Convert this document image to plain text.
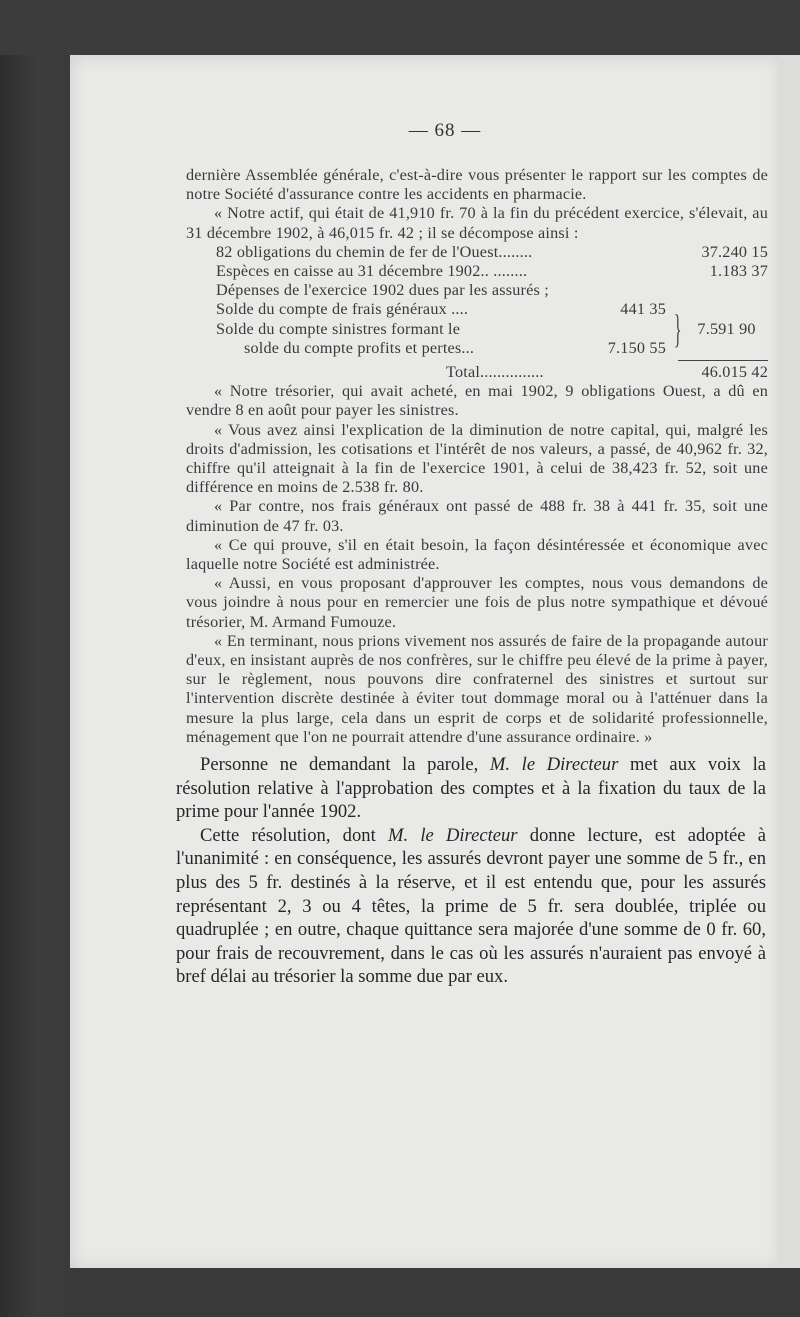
— 68 —

dernière Assemblée générale, c'est-à-dire vous présenter le rapport sur les comptes de notre Société d'assurance contre les accidents en pharmacie.

« Notre actif, qui était de 41,910 fr. 70 à la fin du précédent exercice, s'élevait, au 31 décembre 1902, à 46,015 fr. 42 ; il se décompose ainsi :

82 obligations du chemin de fer de l'Ouest........	37.240 15
Espèces en caisse au 31 décembre 1902.. ........	1.183 37
Dépenses de l'exercice 1902 dues par les assurés ;
Solde du compte de frais généraux ....	441 35
Solde du compte sinistres formant le
solde du compte profits et pertes...	7.150 55 } 7.591 90
Total...............	46.015 42

« Notre trésorier, qui avait acheté, en mai 1902, 9 obligations Ouest, a dû en vendre 8 en août pour payer les sinistres.

« Vous avez ainsi l'explication de la diminution de notre capital, qui, malgré les droits d'admission, les cotisations et l'intérêt de nos valeurs, a passé, de 40,962 fr. 32, chiffre qu'il atteignait à la fin de l'exercice 1901, à celui de 38,423 fr. 52, soit une différence en moins de 2.538 fr. 80.

« Par contre, nos frais généraux ont passé de 488 fr. 38 à 441 fr. 35, soit une diminution de 47 fr. 03.

« Ce qui prouve, s'il en était besoin, la façon désintéressée et économique avec laquelle notre Société est administrée.

« Aussi, en vous proposant d'approuver les comptes, nous vous demandons de vous joindre à nous pour en remercier une fois de plus notre sympathique et dévoué trésorier, M. Armand Fumouze.

« En terminant, nous prions vivement nos assurés de faire de la propagande autour d'eux, en insistant auprès de nos confrères, sur le chiffre peu élevé de la prime à payer, sur le règlement, nous pouvons dire confraternel des sinistres et surtout sur l'intervention discrète destinée à éviter tout dommage moral ou à l'atténuer dans la mesure la plus large, cela dans un esprit de corps et de solidarité professionnelle, ménagement que l'on ne pourrait attendre d'une assurance ordinaire. »

Personne ne demandant la parole, M. le Directeur met aux voix la résolution relative à l'approbation des comptes et à la fixation du taux de la prime pour l'année 1902.

Cette résolution, dont M. le Directeur donne lecture, est adoptée à l'unanimité : en conséquence, les assurés devront payer une somme de 5 fr., en plus des 5 fr. destinés à la réserve, et il est entendu que, pour les assurés représentant 2, 3 ou 4 têtes, la prime de 5 fr. sera doublée, triplée ou quadruplée ; en outre, chaque quittance sera majorée d'une somme de 0 fr. 60, pour frais de recouvrement, dans le cas où les assurés n'auraient pas envoyé à bref délai au trésorier la somme due par eux.
